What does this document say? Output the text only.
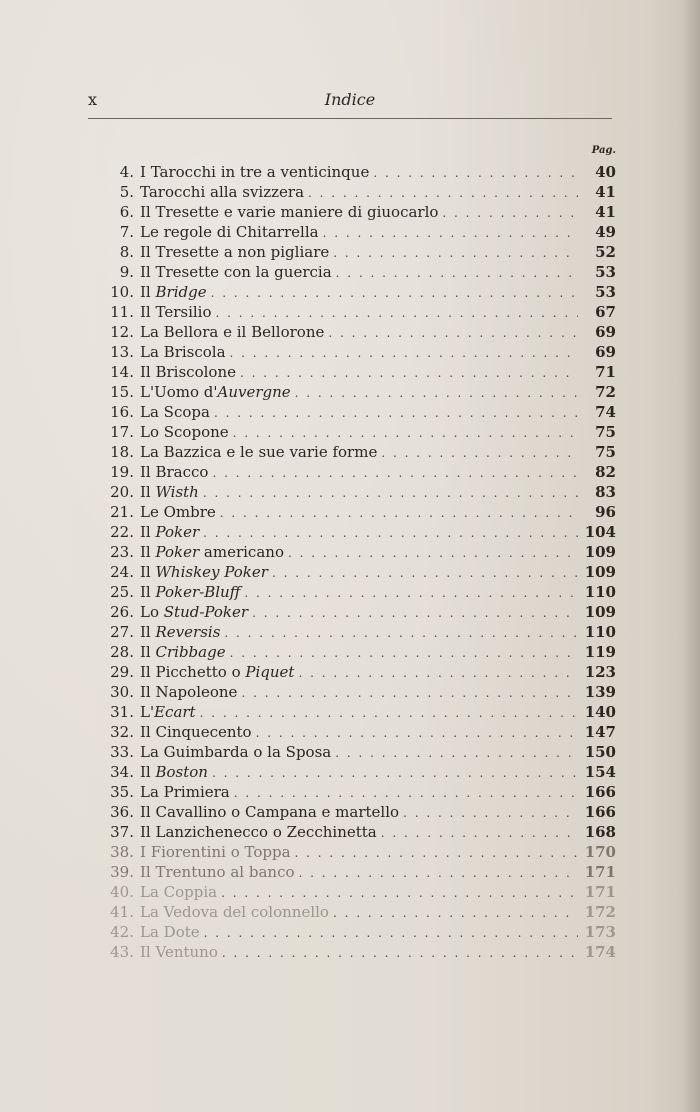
x	Indice
Pag.
4. I Tarocchi in tre a venticinque . . .	40
5. Tarocchi alla svizzera . . .	41
6. Il Tresette e varie maniere di giuocarlo . . .	41
7. Le regole di Chitarrella . . .	49
8. Il Tresette a non pigliare . . .	52
9. Il Tresette con la guercia . . .	53
10. Il Bridge . . .	53
11. Il Tersilio . . .	67
12. La Bellora e il Bellorone . . .	69
13. La Briscola . . .	69
14. Il Briscolone . . .	71
15. L'Uomo d'Auvergne . . .	72
16. La Scopa . . .	74
17. Lo Scopone . . .	75
18. La Bazzica e le sue varie forme . . .	75
19. Il Bracco . . .	82
20. Il Wisth . . .	83
21. Le Ombre . . .	96
22. Il Poker . . .	104
23. Il Poker americano . . .	109
24. Il Whiskey Poker . . .	109
25. Il Poker-Bluff . . .	110
26. Lo Stud-Poker . . .	109
27. Il Reversis . . .	110
28. Il Cribbage . . .	119
29. Il Picchetto o Piquet . . .	123
30. Il Napoleone . . .	139
31. L'Ecart . . .	140
32. Il Cinquecento . . .	147
33. La Guimbarda o la Sposa . . .	150
34. Il Boston . . .	154
35. La Primiera . . .	166
36. Il Cavallino o Campana e martello . . .	166
37. Il Lanzichenecco o Zecchinetta . . .	168
38. I Fiorentini o Toppa . . .	170
39. Il Trentuno al banco . . .	171
40. La Coppia . . .	171
41. La Vedova del colonnello . . .	172
42. La Dote . . .	173
43. Il Ventuno . . .	174
